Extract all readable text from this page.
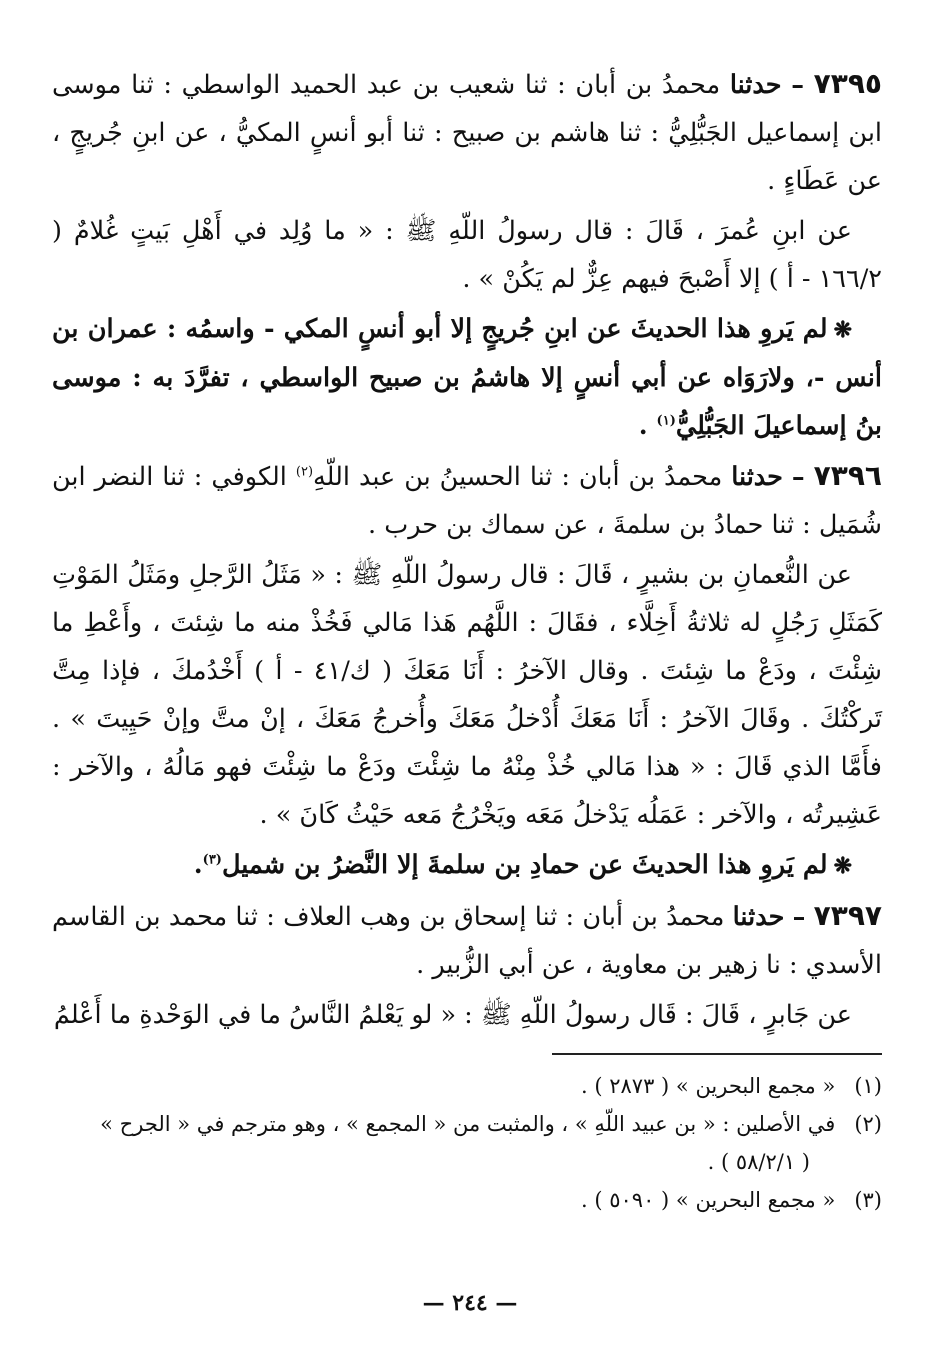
٧٣٩٥ – حدثنا محمدُ بن أبان : ثنا شعيب بن عبد الحميد الواسطي : ثنا موسى ابن إسماعيل الجَبُّلِيُّ : ثنا هاشم بن صبيح : ثنا أبو أنسٍ المكيُّ ، عن ابنِ جُريجٍ ، عن عَطَاءٍ .

عن ابنِ عُمرَ ، قَالَ : قال رسولُ اللّهِ ﷺ : « ما وُلِد في أَهْلِ بَيتٍ غُلامٌ ( ١٦٦/٢ - أ ) إلا أَصْبحَ فيهم عِزٌّ لم يَكُنْ » .

❋لم يَروِ هذا الحديثَ عن ابنِ جُريجٍ إلا أبو أنسٍ المكي - واسمُه : عمران بن أنس -، ولارَوَاه عن أبي أنسٍ إلا هاشمُ بن صبيح الواسطي ، تفرَّدَ به : موسى بنُ إسماعيلَ الجَبُّلِيُّ$^{(١)}$ .

٧٣٩٦ – حدثنا محمدُ بن أبان : ثنا الحسينُ بن عبد اللّهِ$^{(٢)}$ الكوفي : ثنا النضر ابن شُمَيل : ثنا حمادُ بن سلمةَ ، عن سماك بن حرب .

عن النُّعمانِ بن بشيرٍ ، قَالَ : قال رسولُ اللّهِ ﷺ : « مَثَلُ الرَّجلِ ومَثَلُ المَوْتِ كَمَثَلِ رَجُلٍ له ثلاثةُ أَخِلَّاء ، فقَالَ : اللَّهُم هَذا مَالي فَخُذْ منه ما شِئتَ ، وأَعْطِ ما شِئْتَ ، ودَعْ ما شِئتَ . وقال الآخرُ : أَنَا مَعَكَ ( ك/٤١ - أ ) أَخْدُمكَ ، فإذا مِتَّ تَركْتُكَ . وقَالَ الآخرُ : أَنَا مَعَكَ أُدْخلُ مَعَكَ وأُخرجُ مَعَكَ ، إنْ متَّ وإنْ حَيِيتَ » . فأَمَّا الذي قَالَ : « هذا مَالي خُذْ مِنْهُ ما شِئْتَ ودَعْ ما شِئْتَ فهو مَالُهُ ، والآخر : عَشِيرتُه ، والآخر : عَمَلُه يَدْخلُ مَعَه ويَخْرُجُ مَعه حَيْثُ كَانَ » .

❋لم يَروِ هذا الحديثَ عن حمادِ بن سلمةَ إلا النَّضرُ بن شميل$^{(٣)}$.

٧٣٩٧ – حدثنا محمدُ بن أبان : ثنا إسحاق بن وهب العلاف : ثنا محمد بن القاسم الأسدي : نا زهير بن معاوية ، عن أبي الزُّبير .

عن جَابرٍ ، قَالَ : قَال رسولُ اللّهِ ﷺ : « لو يَعْلمُ النَّاسُ ما في الوَحْدةِ ما أَعْلمُ

(١) « مجمع البحرين » ( ٢٨٧٣ ) .

(٢) في الأصلين : « بن عبيد اللّهِ » ، والمثبت من « المجمع » ، وهو مترجم في « الجرح »

( ٥٨/٢/١ ) .

(٣) « مجمع البحرين » ( ٥٠٩٠ ) .

— ٢٤٤ —
